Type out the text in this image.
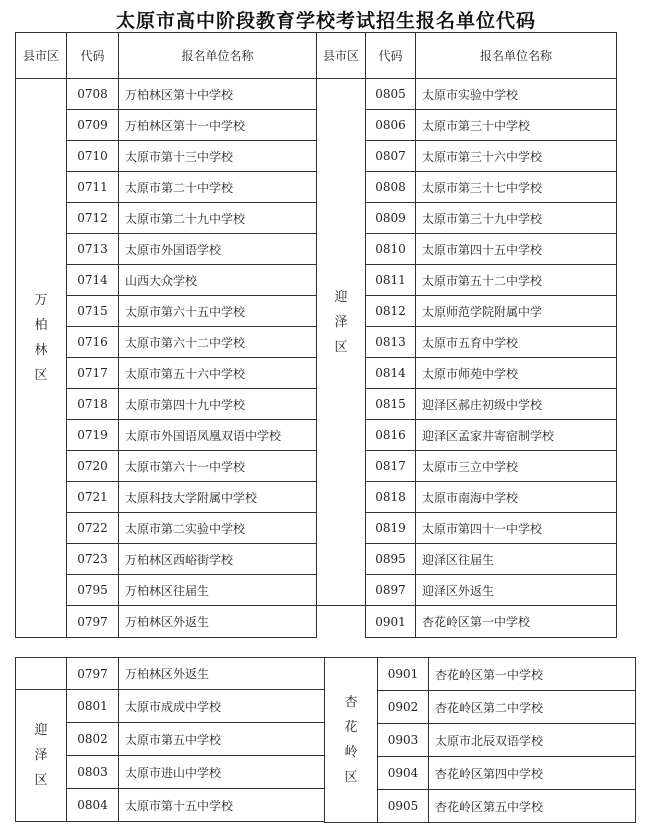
太原市高中阶段教育学校考试招生报名单位代码
县市区	代码	报名单位名称
万柏林区	0708	万柏林区第十中学校
	0709	万柏林区第十一中学校
	0710	太原市第十三中学校
	0711	太原市第二十中学校
	0712	太原市第二十九中学校
	0713	太原市外国语学校
	0714	山西大众学校
	0715	太原市第六十五中学校
	0716	太原市第六十二中学校
	0717	太原市第五十六中学校
	0718	太原市第四十九中学校
	0719	太原市外国语凤凰双语中学校
	0720	太原市第六十一中学校
	0721	太原科技大学附属中学校
	0722	太原市第二实验中学校
	0723	万柏林区西峪街学校
	0795	万柏林区往届生
	0797	万柏林区外返生
县市区	代码	报名单位名称
迎泽区	0805	太原市实验中学校
	0806	太原市第三十中学校
	0807	太原市第三十六中学校
	0808	太原市第三十七中学校
	0809	太原市第三十九中学校
	0810	太原市第四十五中学校
	0811	太原市第五十二中学校
	0812	太原师范学院附属中学
	0813	太原市五育中学校
	0814	太原市师苑中学校
	0815	迎泽区郝庄初级中学校
	0816	迎泽区孟家井寄宿制学校
	0817	太原市三立中学校
	0818	太原市南海中学校
	0819	太原市第四十一中学校
	0895	迎泽区往届生
	0897	迎泽区外返生
	0901	杏花岭区第一中学校
	0797	万柏林区外返生
迎泽区	0801	太原市成成中学校
	0802	太原市第五中学校
	0803	太原市进山中学校
	0804	太原市第十五中学校
杏花岭区	0901	杏花岭区第一中学校
	0902	杏花岭区第二中学校
	0903	太原市北辰双语学校
	0904	杏花岭区第四中学校
	0905	杏花岭区第五中学校
